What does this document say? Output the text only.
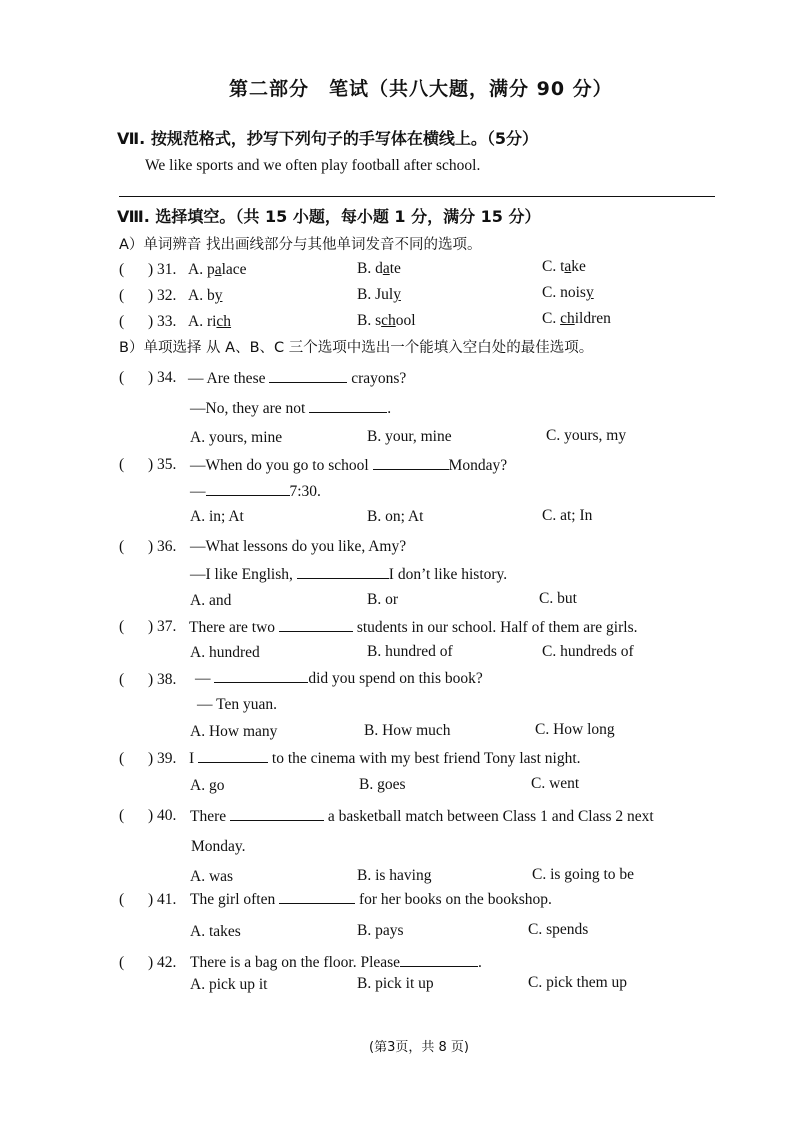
第二部分　笔试（共八大题，满分 90 分）
Ⅶ. 按规范格式，抄写下列句子的手写体在横线上。（5分）
We like sports and we often play football after school.
Ⅷ. 选择填空。（共 15 小题，每小题 1 分，满分 15 分）
A）单词辨音 找出画线部分与其他单词发音不同的选项。
( ) 31. A. palace	B. date	C. take
( ) 32. A. by	B. July	C. noisy
( ) 33. A. rich	B. school	C. children
B）单项选择 从 A、B、C 三个选项中选出一个能填入空白处的最佳选项。
( ) 34. — Are these	crayons?
—No, they are not	.
A. yours, mine	B. your, mine	C. yours, my
( ) 35. —When do you go to school	Monday?
—	7:30.
A. in; At	B. on; At	C. at; In
( ) 36. —What lessons do you like, Amy?
—I like English,	I don’t like history.
A. and	B. or	C. but
( ) 37. There are two	students in our school. Half of them are girls.
A. hundred	B. hundred of	C. hundreds of
( ) 38. —	did you spend on this book?
— Ten yuan.
A. How many	B. How much	C. How long
( ) 39. I	to the cinema with my best friend Tony last night.
A. go	B. goes	C. went
( ) 40. There	a basketball match between Class 1 and Class 2 next
Monday.
A. was	B. is having	C. is going to be
( ) 41. The girl often	for her books on the bookshop.
A. takes	B. pays	C. spends
( ) 42. There is a bag on the floor. Please	.
A. pick up it	B. pick it up	C. pick them up
(第3页，共 8 页)
